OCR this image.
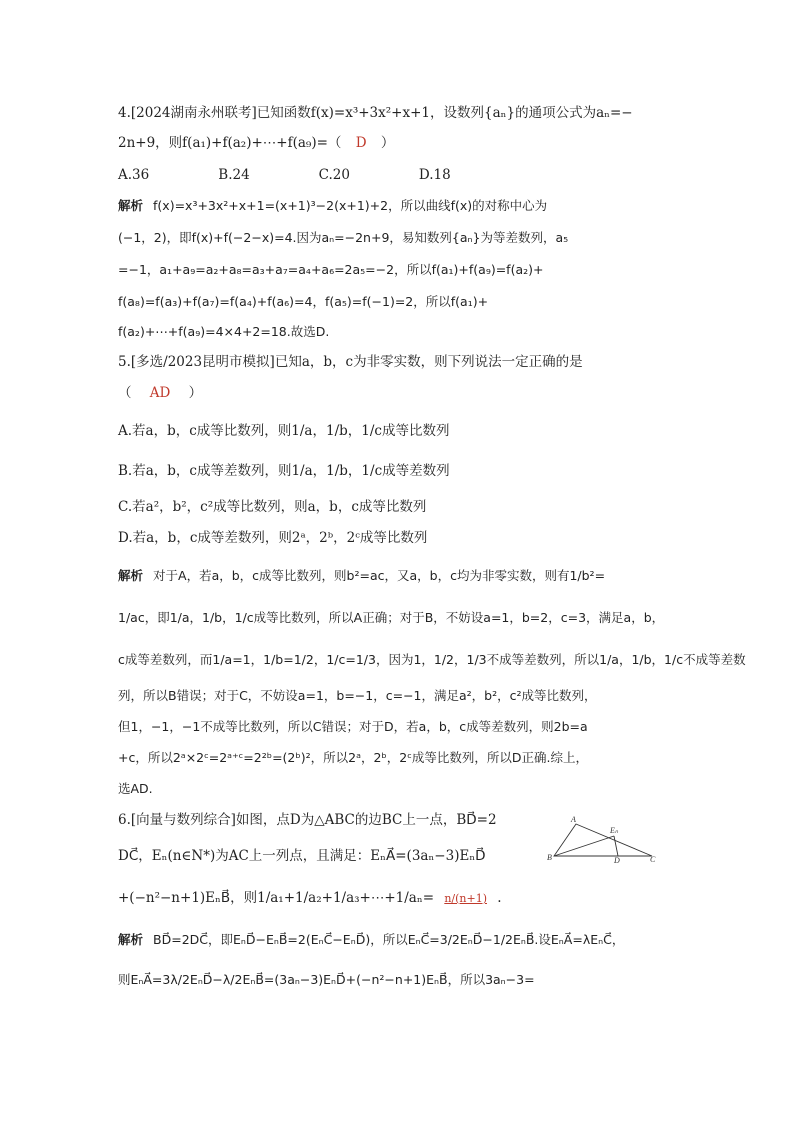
4.[2024湖南永州联考]已知函数f(x)=x³+3x²+x+1，设数列{aₙ}的通项公式为aₙ=−
2n+9，则f(a₁)+f(a₂)+⋯+f(a₉)=（ D ）
A.36	B.24	C.20	D.18
解析 f(x)=x³+3x²+x+1=(x+1)³−2(x+1)+2，所以曲线f(x)的对称中心为
(−1，2)，即f(x)+f(−2−x)=4.因为aₙ=−2n+9，易知数列{aₙ}为等差数列，a₅
=−1，a₁+a₉=a₂+a₈=a₃+a₇=a₄+a₆=2a₅=−2，所以f(a₁)+f(a₉)=f(a₂)+
f(a₈)=f(a₃)+f(a₇)=f(a₄)+f(a₆)=4，f(a₅)=f(−1)=2，所以f(a₁)+
f(a₂)+⋯+f(a₉)=4×4+2=18.故选D.
5.[多选/2023昆明市模拟]已知a，b，c为非零实数，则下列说法一定正确的是
（ AD ）
A.若a，b，c成等比数列，则1/a，1/b，1/c成等比数列
B.若a，b，c成等差数列，则1/a，1/b，1/c成等差数列
C.若a²，b²，c²成等比数列，则a，b，c成等比数列
D.若a，b，c成等差数列，则2ᵃ，2ᵇ，2ᶜ成等比数列
解析 对于A，若a，b，c成等比数列，则b²=ac，又a，b，c均为非零实数，则有1/b²=
1/ac，即1/a，1/b，1/c成等比数列，所以A正确；对于B，不妨设a=1，b=2，c=3，满足a，b，
c成等差数列，而1/a=1，1/b=1/2，1/c=1/3，因为1，1/2，1/3不成等差数列，所以1/a，1/b，1/c不成等差数
列，所以B错误；对于C，不妨设a=1，b=−1，c=−1，满足a²，b²，c²成等比数列，
但1，−1，−1不成等比数列，所以C错误；对于D，若a，b，c成等差数列，则2b=a
+c，所以2ᵃ×2ᶜ=2ᵃ⁺ᶜ=2²ᵇ=(2ᵇ)²，所以2ᵃ，2ᵇ，2ᶜ成等比数列，所以D正确.综上，
选AD.
6.[向量与数列综合]如图，点D为△ABC的边BC上一点，BD⃗=2
DC⃗，Eₙ(n∈N*)为AC上一列点，且满足：EₙA⃗=(3aₙ−3)EₙD⃗
+(−n²−n+1)EₙB⃗，则1/a₁+1/a₂+1/a₃+⋯+1/aₙ= n/(n+1) .
A
B	C
D
Eₙ
解析 BD⃗=2DC⃗，即EₙD⃗−EₙB⃗=2(EₙC⃗−EₙD⃗)，所以EₙC⃗=3/2EₙD⃗−1/2EₙB⃗.设EₙA⃗=λEₙC⃗，
则EₙA⃗=3λ/2EₙD⃗−λ/2EₙB⃗=(3aₙ−3)EₙD⃗+(−n²−n+1)EₙB⃗，所以3aₙ−3=
